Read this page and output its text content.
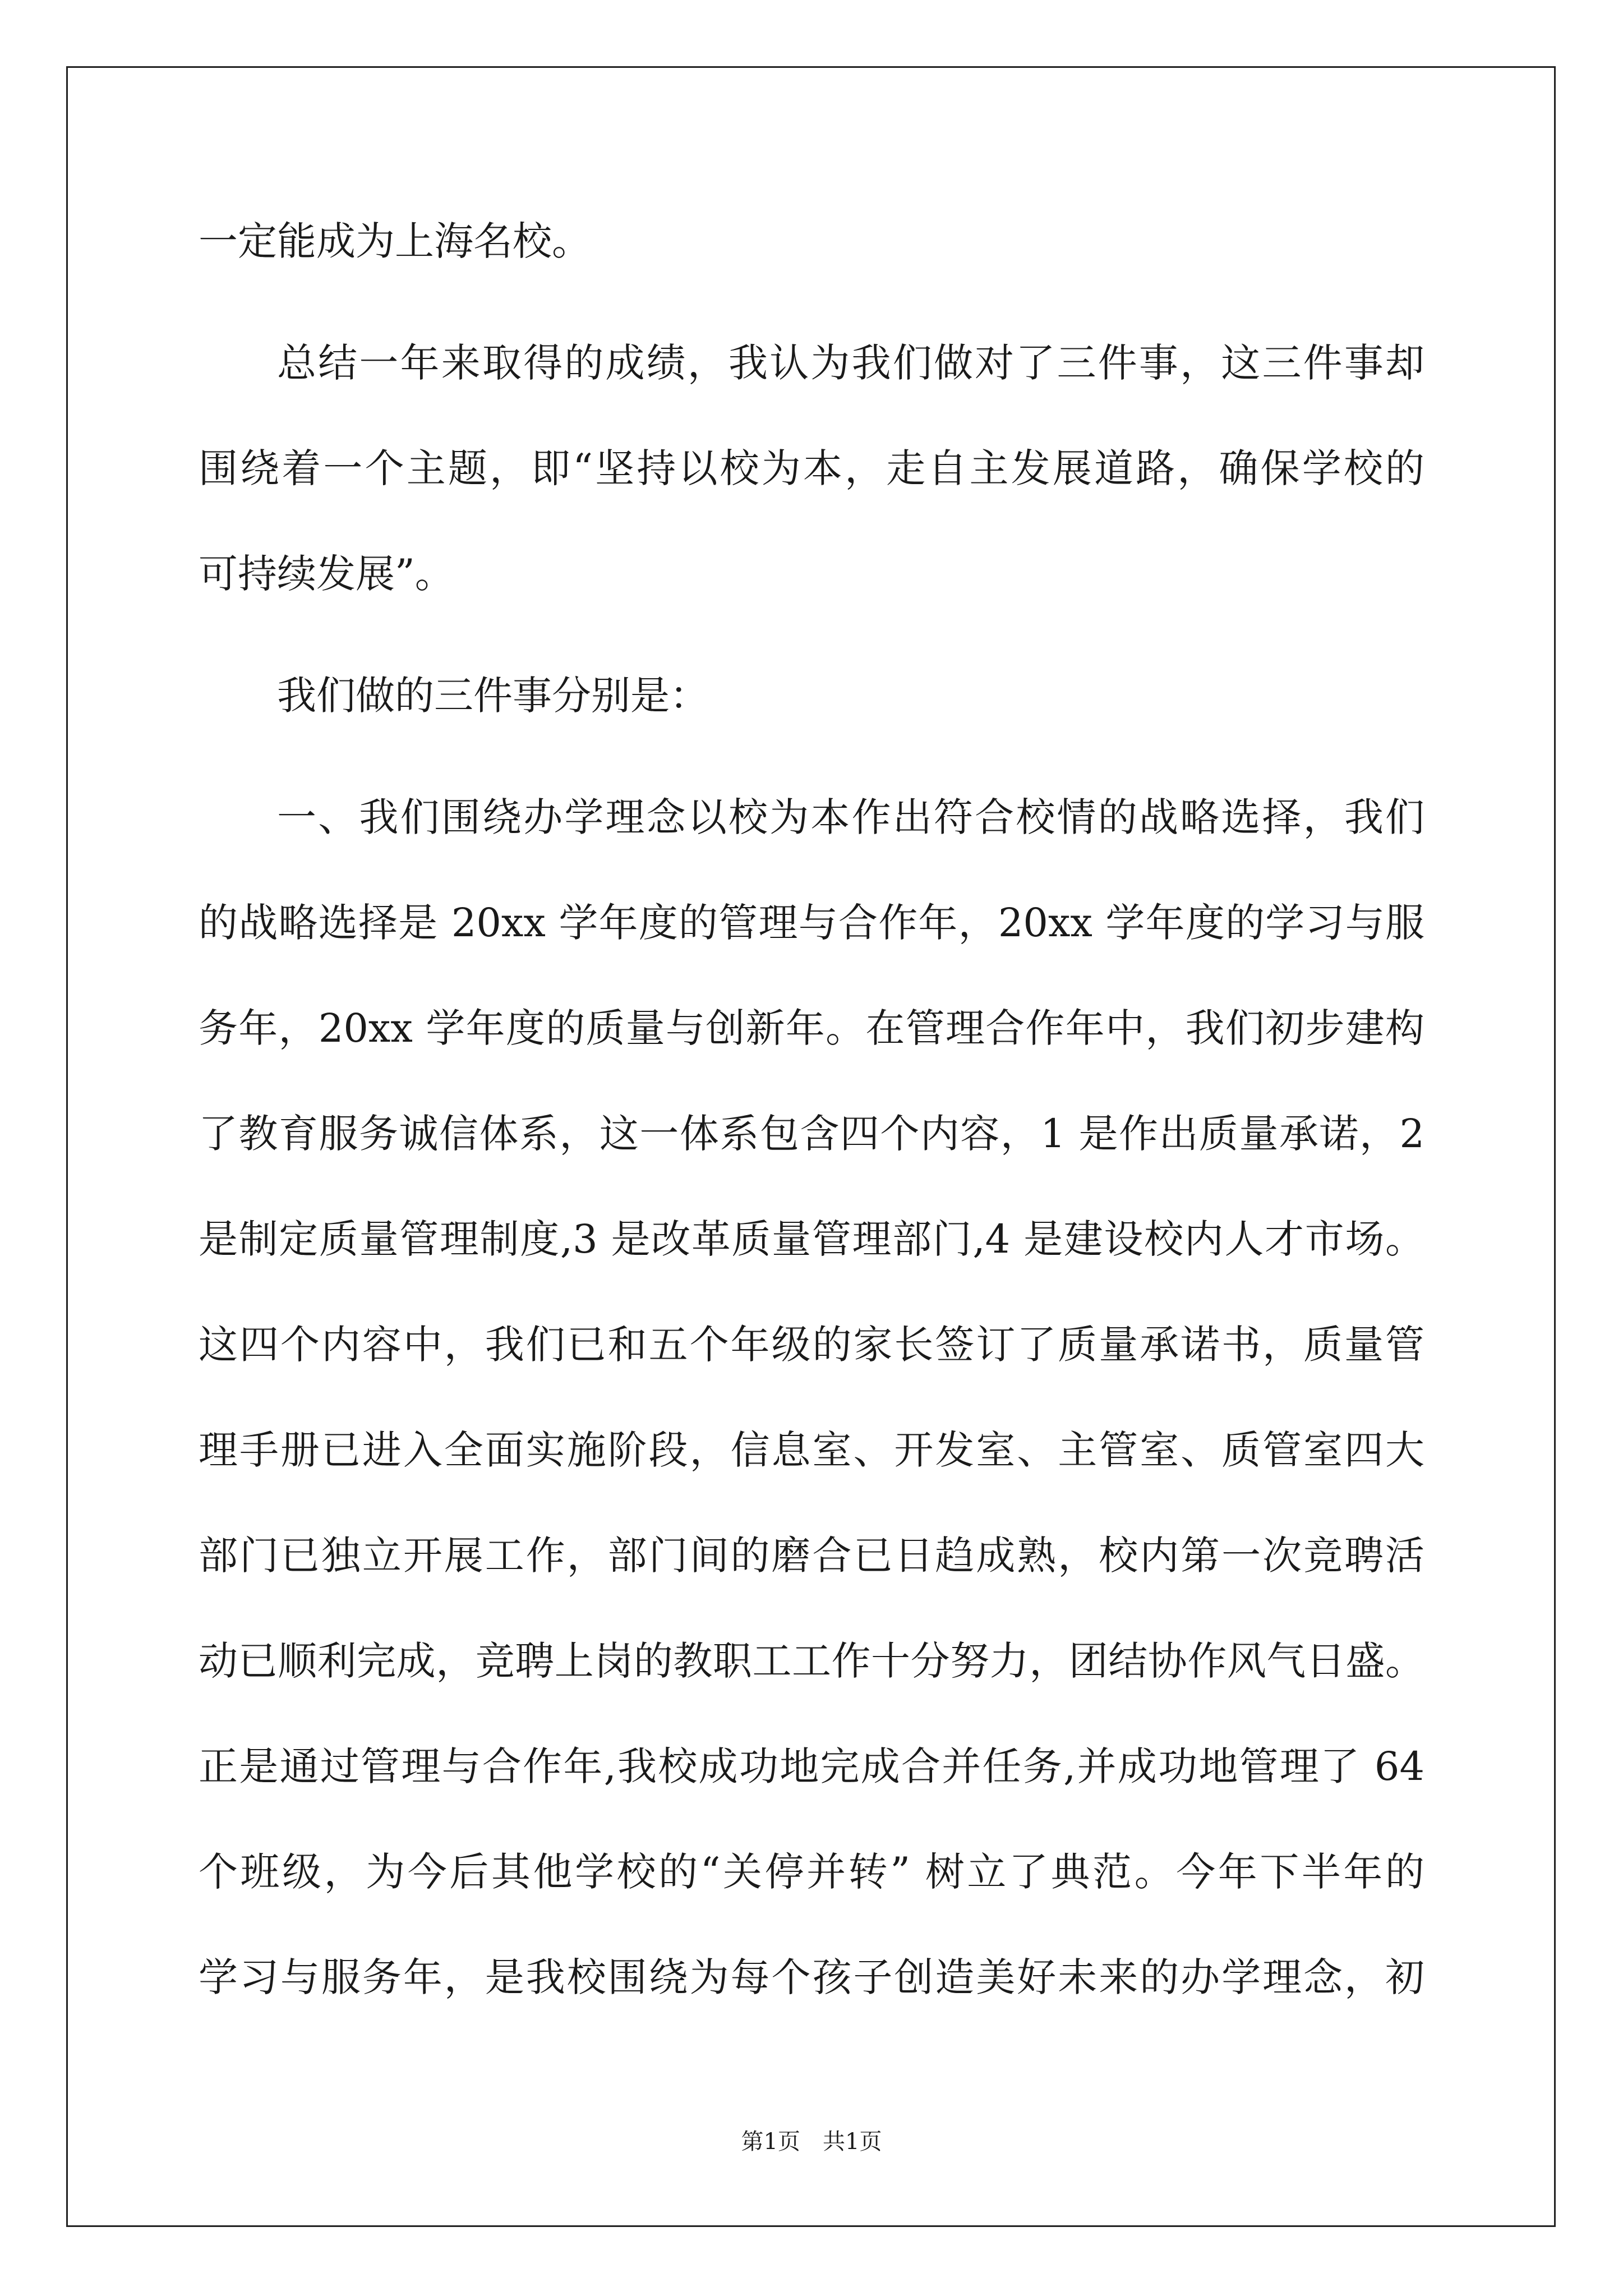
一定能成为上海名校。
总结一年来取得的成绩，我认为我们做对了三件事，这三件事却
围绕着一个主题，即“坚持以校为本，走自主发展道路，确保学校的
可持续发展”。
我们做的三件事分别是：
一、我们围绕办学理念以校为本作出符合校情的战略选择，我们
的战略选择是 20xx 学年度的管理与合作年，20xx 学年度的学习与服
务年，20xx 学年度的质量与创新年。在管理合作年中，我们初步建构
了教育服务诚信体系，这一体系包含四个内容，1 是作出质量承诺，2
是制定质量管理制度,3 是改革质量管理部门,4 是建设校内人才市场。
这四个内容中，我们已和五个年级的家长签订了质量承诺书，质量管
理手册已进入全面实施阶段，信息室、开发室、主管室、质管室四大
部门已独立开展工作，部门间的磨合已日趋成熟，校内第一次竞聘活
动已顺利完成，竞聘上岗的教职工工作十分努力，团结协作风气日盛。
正是通过管理与合作年,我校成功地完成合并任务,并成功地管理了 64
个班级，为今后其他学校的“关停并转” 树立了典范。今年下半年的
学习与服务年，是我校围绕为每个孩子创造美好未来的办学理念，初
第1页　共1页
